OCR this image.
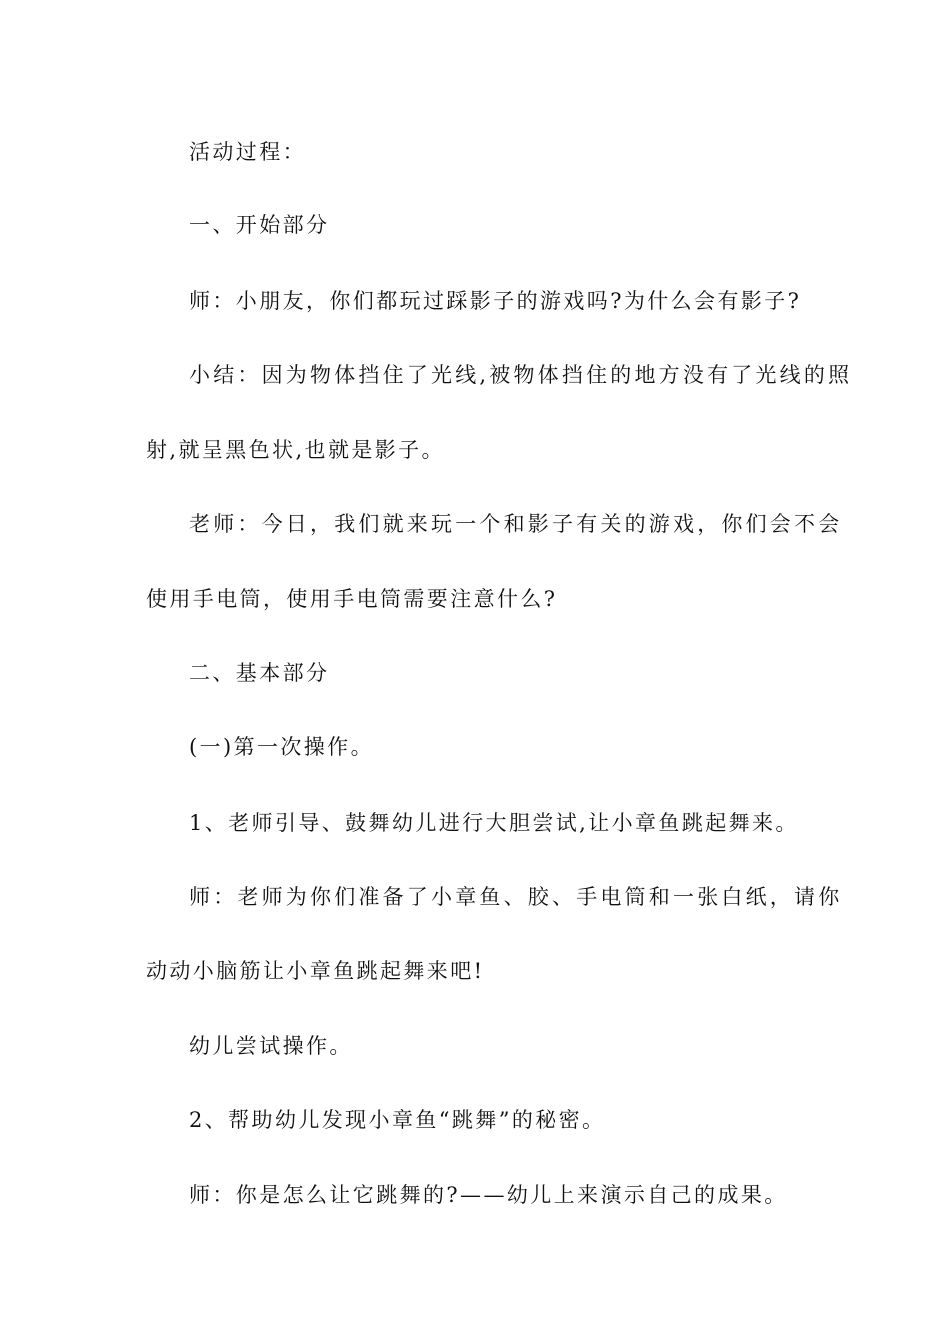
活动过程：
一、开始部分
师：小朋友，你们都玩过踩影子的游戏吗?为什么会有影子?
小结：因为物体挡住了光线,被物体挡住的地方没有了光线的照
射,就呈黑色状,也就是影子。
老师：今日，我们就来玩一个和影子有关的游戏，你们会不会
使用手电筒，使用手电筒需要注意什么?
二、基本部分
(一)第一次操作。
1、老师引导、鼓舞幼儿进行大胆尝试,让小章鱼跳起舞来。
师：老师为你们准备了小章鱼、胶、手电筒和一张白纸，请你
动动小脑筋让小章鱼跳起舞来吧!
幼儿尝试操作。
2、帮助幼儿发现小章鱼“跳舞”的秘密。
师：你是怎么让它跳舞的?——幼儿上来演示自己的成果。
